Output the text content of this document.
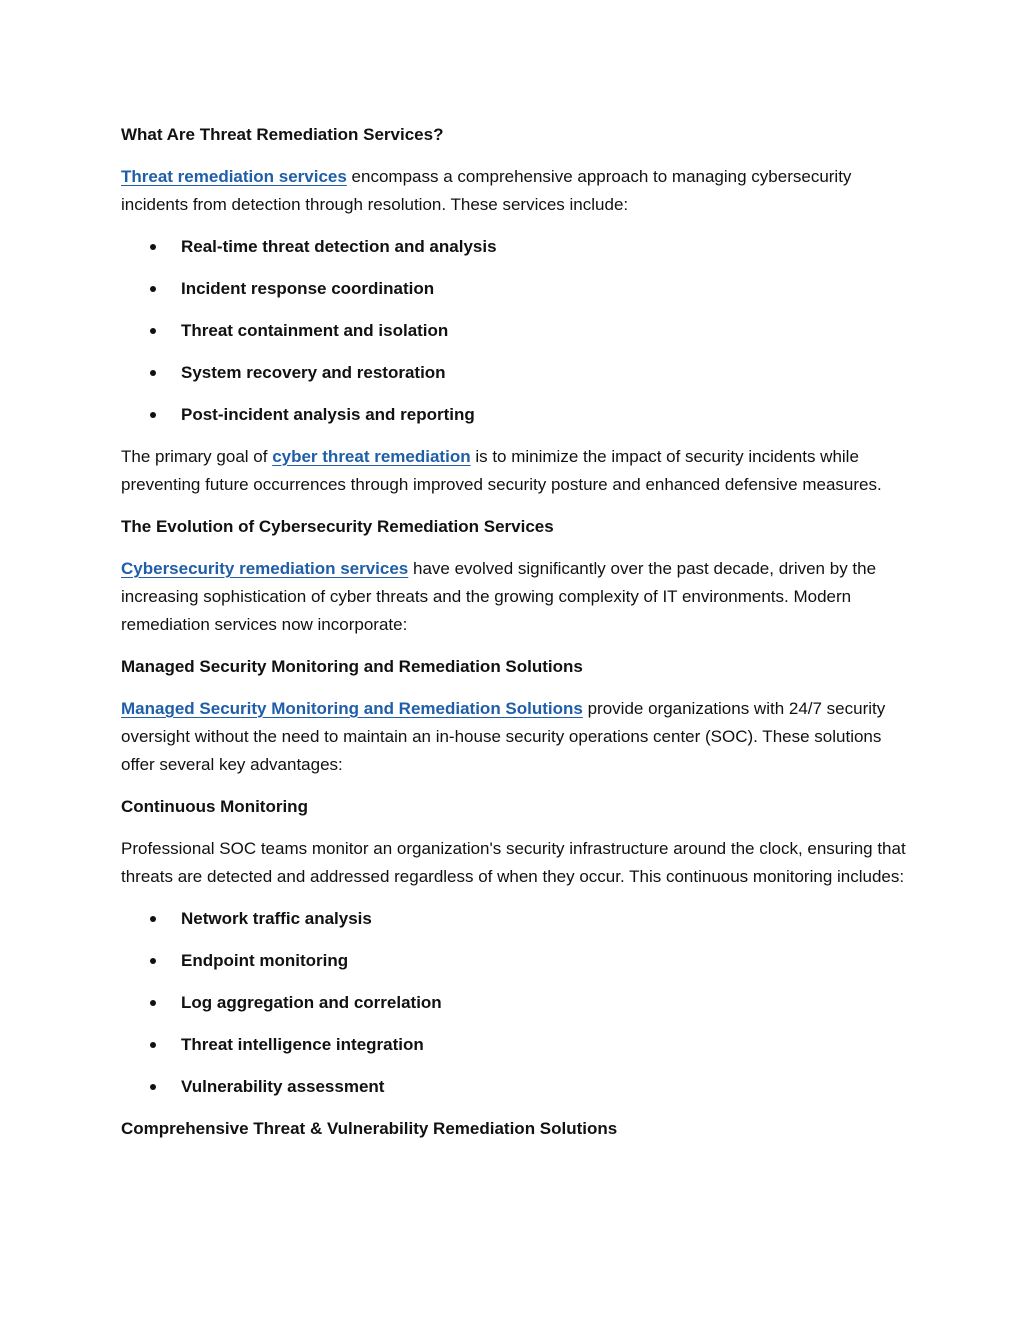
What Are Threat Remediation Services?

Threat remediation services encompass a comprehensive approach to managing cybersecurity incidents from detection through resolution. These services include:

Real-time threat detection and analysis
Incident response coordination
Threat containment and isolation
System recovery and restoration
Post-incident analysis and reporting

The primary goal of cyber threat remediation is to minimize the impact of security incidents while preventing future occurrences through improved security posture and enhanced defensive measures.

The Evolution of Cybersecurity Remediation Services

Cybersecurity remediation services have evolved significantly over the past decade, driven by the increasing sophistication of cyber threats and the growing complexity of IT environments. Modern remediation services now incorporate:

Managed Security Monitoring and Remediation Solutions

Managed Security Monitoring and Remediation Solutions provide organizations with 24/7 security oversight without the need to maintain an in-house security operations center (SOC). These solutions offer several key advantages:

Continuous Monitoring

Professional SOC teams monitor an organization's security infrastructure around the clock, ensuring that threats are detected and addressed regardless of when they occur. This continuous monitoring includes:

Network traffic analysis
Endpoint monitoring
Log aggregation and correlation
Threat intelligence integration
Vulnerability assessment
Comprehensive Threat & Vulnerability Remediation Solutions
